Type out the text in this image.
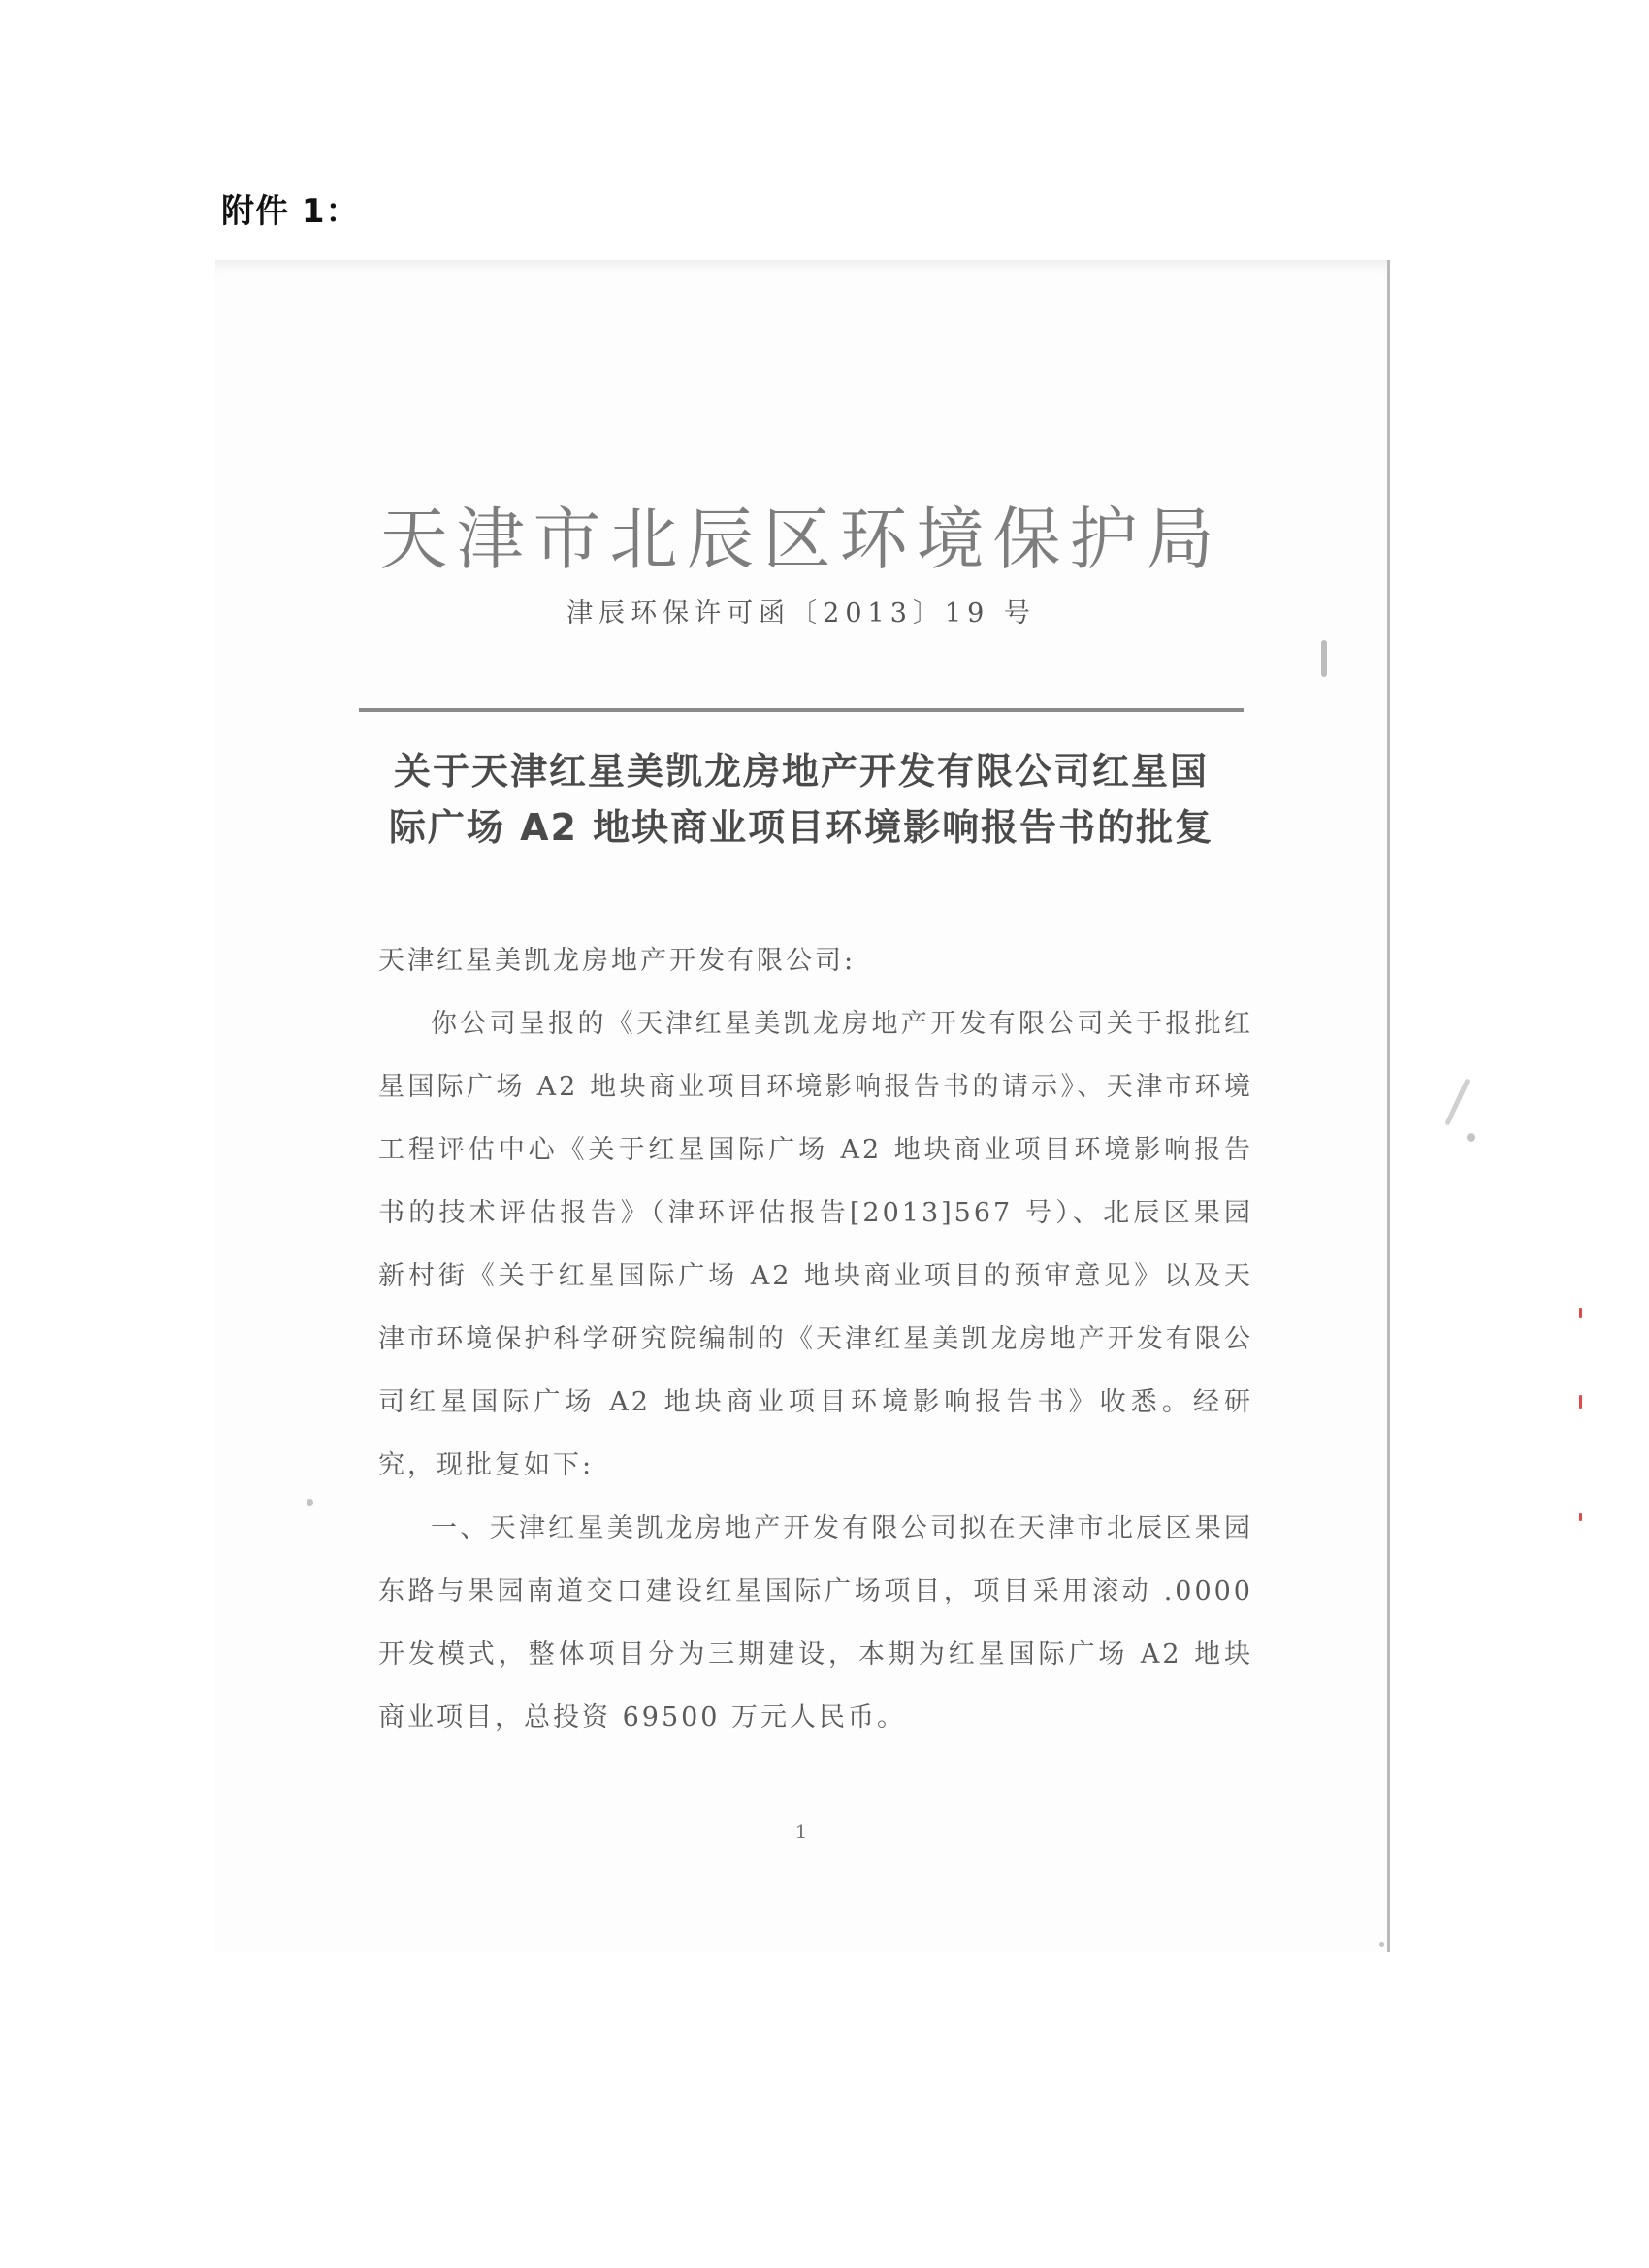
附件 1：
天津市北辰区环境保护局
津辰环保许可函〔2013〕19 号
关于天津红星美凯龙房地产开发有限公司红星国
际广场 A2 地块商业项目环境影响报告书的批复
天津红星美凯龙房地产开发有限公司:

你公司呈报的《天津红星美凯龙房地产开发有限公司关于报批红星国际广场 A2 地块商业项目环境影响报告书的请示》、天津市环境工程评估中心《关于红星国际广场 A2 地块商业项目环境影响报告书的技术评估报告》（津环评估报告[2013]567 号）、北辰区果园新村街《关于红星国际广场 A2 地块商业项目的预审意见》以及天津市环境保护科学研究院编制的《天津红星美凯龙房地产开发有限公司红星国际广场 A2 地块商业项目环境影响报告书》收悉。经研究，现批复如下:

一、天津红星美凯龙房地产开发有限公司拟在天津市北辰区果园东路与果园南道交口建设红星国际广场项目，项目采用滚动 .0000 开发模式，整体项目分为三期建设，本期为红星国际广场 A2 地块商业项目，总投资 69500 万元人民币。

1
